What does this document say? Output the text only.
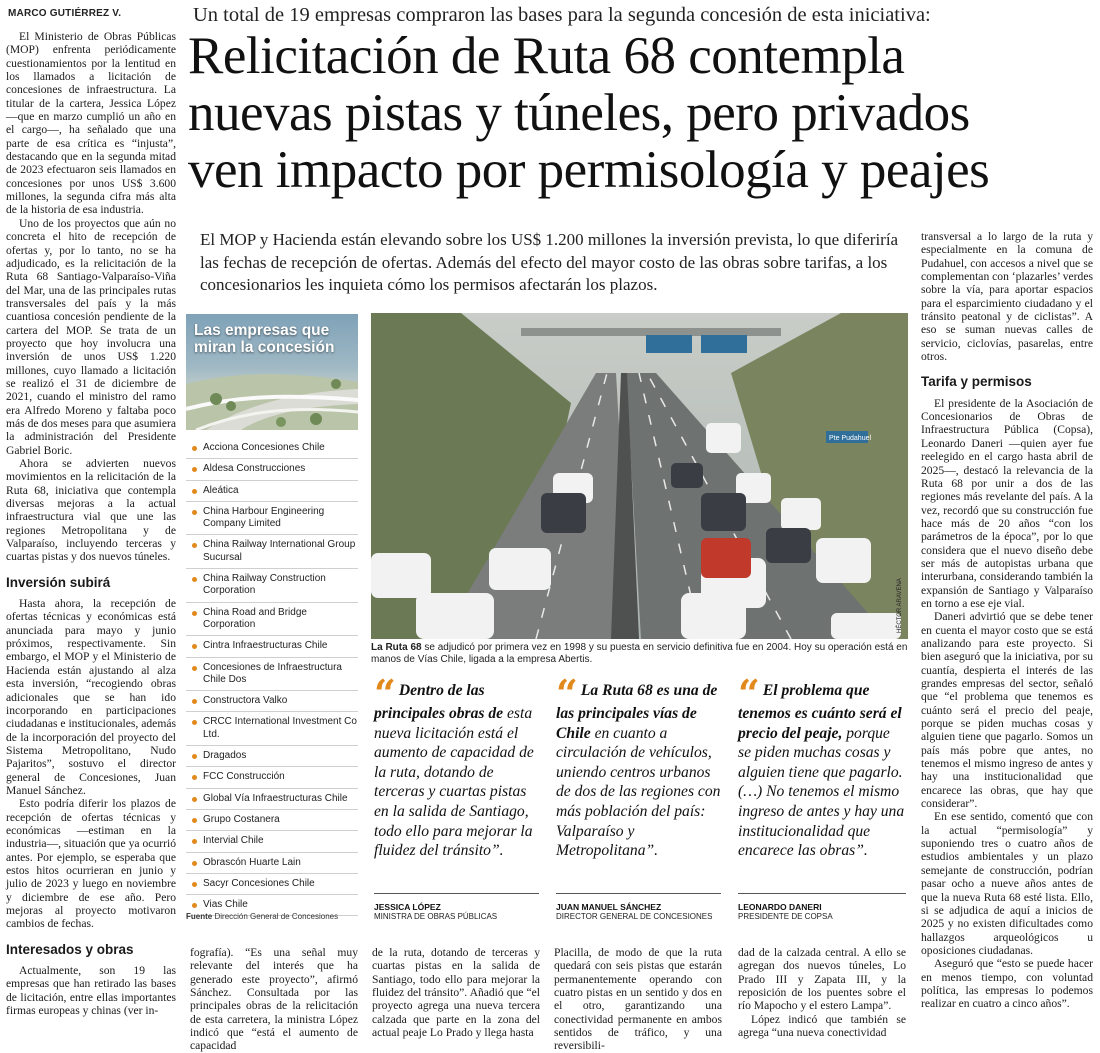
MARCO GUTIÉRREZ V.

El Ministerio de Obras Públicas (MOP) enfrenta periódicamente cuestionamientos por la lentitud en los llamados a licitación de concesiones de infraestructura. La titular de la cartera, Jessica López —que en marzo cumplió un año en el cargo—, ha señalado que una parte de esa crítica es “injusta”, destacando que en la segunda mitad de 2023 efectuaron seis llamados en concesiones por unos US$ 3.600 millones, la segunda cifra más alta de la historia de esa industria.

Uno de los proyectos que aún no concreta el hito de recepción de ofertas y, por lo tanto, no se ha adjudicado, es la relicitación de la Ruta 68 Santiago-Valparaíso-Viña del Mar, una de las principales rutas transversales del país y la más cuantiosa concesión pendiente de la cartera del MOP. Se trata de un proyecto que hoy involucra una inversión de unos US$ 1.220 millones, cuyo llamado a licitación se realizó el 31 de diciembre de 2021, cuando el ministro del ramo era Alfredo Moreno y faltaba poco más de dos meses para que asumiera la administración del Presidente Gabriel Boric.

Ahora se advierten nuevos movimientos en la relicitación de la Ruta 68, iniciativa que contempla diversas mejoras a la actual infraestructura vial que une las regiones Metropolitana y de Valparaíso, incluyendo terceras y cuartas pistas y dos nuevos túneles.

Inversión subirá

Hasta ahora, la recepción de ofertas técnicas y económicas está anunciada para mayo y junio próximos, respectivamente. Sin embargo, el MOP y el Ministerio de Hacienda están ajustando al alza esta inversión, “recogiendo obras adicionales que se han ido incorporando en participaciones ciudadanas e institucionales, además de la incorporación del proyecto del Sistema Metropolitano, Nudo Pajaritos”, sostuvo el director general de Concesiones, Juan Manuel Sánchez.

Esto podría diferir los plazos de recepción de ofertas técnicas y económicas —estiman en la industria—, situación que ya ocurrió antes. Por ejemplo, se esperaba que estos hitos ocurrieran en junio y julio de 2023 y luego en noviembre y diciembre de ese año. Pero mejoras al proyecto motivaron cambios de fechas.

Interesados y obras

Actualmente, son 19 las empresas que han retirado las bases de licitación, entre ellas importantes firmas europeas y chinas (ver in-

Un total de 19 empresas compraron las bases para la segunda concesión de esta iniciativa:
Relicitación de Ruta 68 contempla
nuevas pistas y túneles, pero privados
ven impacto por permisología y peajes
El MOP y Hacienda están elevando sobre los US$ 1.200 millones la inversión prevista, lo que diferiría las fechas de recepción de ofertas. Además del efecto del mayor costo de las obras sobre tarifas, a los concesionarios les inquieta cómo los permisos afectarán los plazos.
Las empresas que miran la concesión
Acciona Concesiones Chile
Aldesa Construcciones
Aleática
China Harbour Engineering Company Limited
China Railway International Group Sucursal
China Railway Construction Corporation
China Road and Bridge Corporation
Cintra Infraestructuras Chile
Concesiones de Infraestructura Chile Dos
Constructora Valko
CRCC International Investment Co Ltd.
Dragados
FCC Construcción
Global Vía Infraestructuras Chile
Grupo Costanera
Intervial Chile
Obrascón Huarte Lain
Sacyr Concesiones Chile
Vias Chile
Fuente Dirección General de Concesiones
Pte Pudahuel
HÉCTOR ARAVENA
La Ruta 68 se adjudicó por primera vez en 1998 y su puesta en servicio definitiva fue en 2004. Hoy su operación está en manos de Vías Chile, ligada a la empresa Abertis.
“ Dentro de las principales obras de esta nueva licitación está el aumento de capacidad de la ruta, dotando de terceras y cuartas pistas en la salida de Santiago, todo ello para mejorar la fluidez del tránsito”.
JESSICA LÓPEZ
MINISTRA DE OBRAS PÚBLICAS
“ La Ruta 68 es una de las principales vías de Chile en cuanto a circulación de vehículos, uniendo centros urbanos de dos de las regiones con más población del país: Valparaíso y Metropolitana”.
JUAN MANUEL SÁNCHEZ
DIRECTOR GENERAL DE CONCESIONES
“ El problema que tenemos es cuánto será el precio del peaje, porque se piden muchas cosas y alguien tiene que pagarlo. (…) No tenemos el mismo ingreso de antes y hay una institucionalidad que encarece las obras”.
LEONARDO DANERI
PRESIDENTE DE COPSA

fografía). “Es una señal muy relevante del interés que ha generado este proyecto”, afirmó Sánchez. Consultada por las principales obras de la relicitación de esta carretera, la ministra López indicó que “está el aumento de capacidad

de la ruta, dotando de terceras y cuartas pistas en la salida de Santiago, todo ello para mejorar la fluidez del tránsito”. Añadió que “el proyecto agrega una nueva tercera calzada que parte en la zona del actual peaje Lo Prado y llega hasta

Placilla, de modo de que la ruta quedará con seis pistas que estarán permanentemente operando con cuatro pistas en un sentido y dos en el otro, garantizando una conectividad permanente en ambos sentidos de tráfico, y una reversibili-

dad de la calzada central. A ello se agregan dos nuevos túneles, Lo Prado III y Zapata III, y la reposición de los puentes sobre el río Mapocho y el estero Lampa”.

López indicó que también se agrega “una nueva conectividad

transversal a lo largo de la ruta y especialmente en la comuna de Pudahuel, con accesos a nivel que se complementan con ‘plazarles’ verdes sobre la vía, para aportar espacios para el esparcimiento ciudadano y el tránsito peatonal y de ciclistas”. A eso se suman nuevas calles de servicio, ciclovías, pasarelas, entre otros.

Tarifa y permisos

El presidente de la Asociación de Concesionarios de Obras de Infraestructura Pública (Copsa), Leonardo Daneri —quien ayer fue reelegido en el cargo hasta abril de 2025—, destacó la relevancia de la Ruta 68 por unir a dos de las regiones más revelante del país. A la vez, recordó que su construcción fue hace más de 20 años “con los parámetros de la época”, por lo que considera que el nuevo diseño debe ser más de autopistas urbana que interurbana, considerando también la expansión de Santiago y Valparaíso en torno a ese eje vial.

Daneri advirtió que se debe tener en cuenta el mayor costo que se está analizando para este proyecto. Si bien aseguró que la iniciativa, por su cuantía, despierta el interés de las grandes empresas del sector, señaló que “el problema que tenemos es cuánto será el precio del peaje, porque se piden muchas cosas y alguien tiene que pagarlo. Somos un país más pobre que antes, no tenemos el mismo ingreso de antes y hay una institucionalidad que encarece las obras, que hay que considerar”.

En ese sentido, comentó que con la actual “permisología” y suponiendo tres o cuatro años de estudios ambientales y un plazo semejante de construcción, podrían pasar ocho a nueve años antes de que la nueva Ruta 68 esté lista. Ello, si se adjudica de aquí a inicios de 2025 y no existen dificultades como hallazgos arqueológicos u oposiciones ciudadanas.

Aseguró que “esto se puede hacer en menos tiempo, con voluntad política, las empresas lo podemos realizar en cuatro a cinco años”.
